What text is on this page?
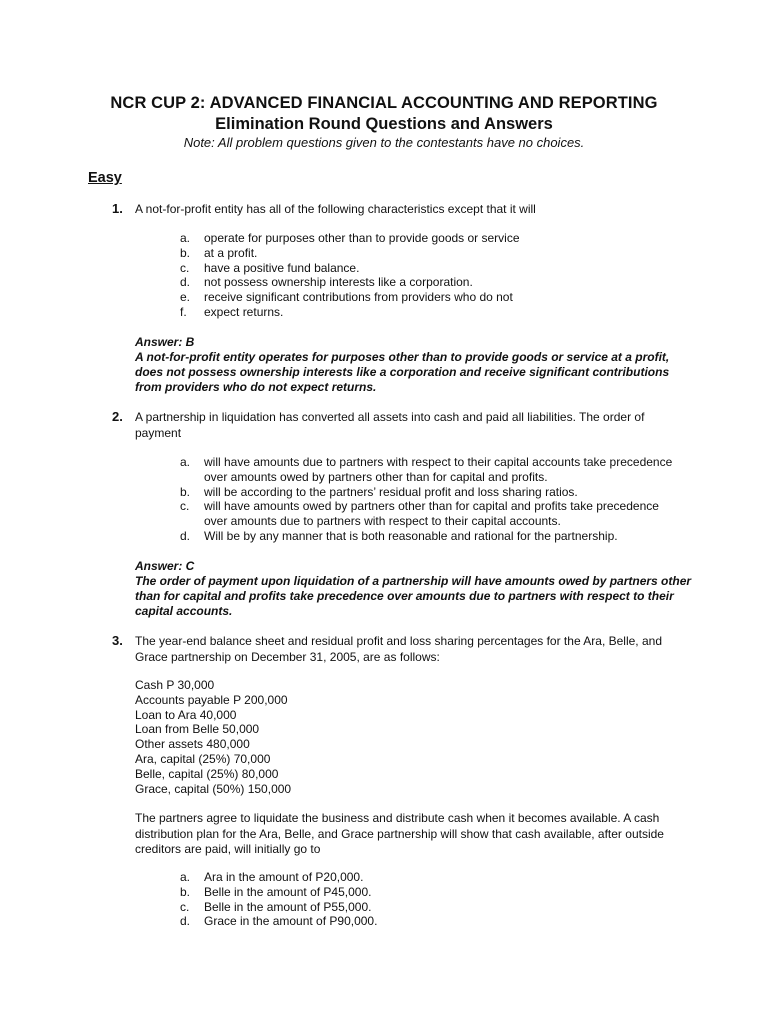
NCR CUP 2: ADVANCED FINANCIAL ACCOUNTING AND REPORTING
Elimination Round Questions and Answers
Note: All problem questions given to the contestants have no choices.
Easy
1. A not-for-profit entity has all of the following characteristics except that it will
a.	operate for purposes other than to provide goods or service
b.	at a profit.
c.	have a positive fund balance.
d.	not possess ownership interests like a corporation.
e.	receive significant contributions from providers who do not
f.	expect returns.
Answer: B
A not-for-profit entity operates for purposes other than to provide goods or service at a profit, does not possess ownership interests like a corporation and receive significant contributions from providers who do not expect returns.
2. A partnership in liquidation has converted all assets into cash and paid all liabilities. The order of payment
a.	will have amounts due to partners with respect to their capital accounts take precedence over amounts owed by partners other than for capital and profits.
b.	will be according to the partners’ residual profit and loss sharing ratios.
c.	will have amounts owed by partners other than for capital and profits take precedence over amounts due to partners with respect to their capital accounts.
d.	Will be by any manner that is both reasonable and rational for the partnership.
Answer: C
The order of payment upon liquidation of a partnership will have amounts owed by partners other than for capital and profits take precedence over amounts due to partners with respect to their capital accounts.
3. The year-end balance sheet and residual profit and loss sharing percentages for the Ara, Belle, and Grace partnership on December 31, 2005, are as follows:
Cash P 30,000
Accounts payable P 200,000
Loan to Ara 40,000
Loan from Belle 50,000
Other assets 480,000
Ara, capital (25%) 70,000
Belle, capital (25%) 80,000
Grace, capital (50%) 150,000
The partners agree to liquidate the business and distribute cash when it becomes available. A cash distribution plan for the Ara, Belle, and Grace partnership will show that cash available, after outside creditors are paid, will initially go to
a.	Ara in the amount of P20,000.
b.	Belle in the amount of P45,000.
c.	Belle in the amount of P55,000.
d.	Grace in the amount of P90,000.
